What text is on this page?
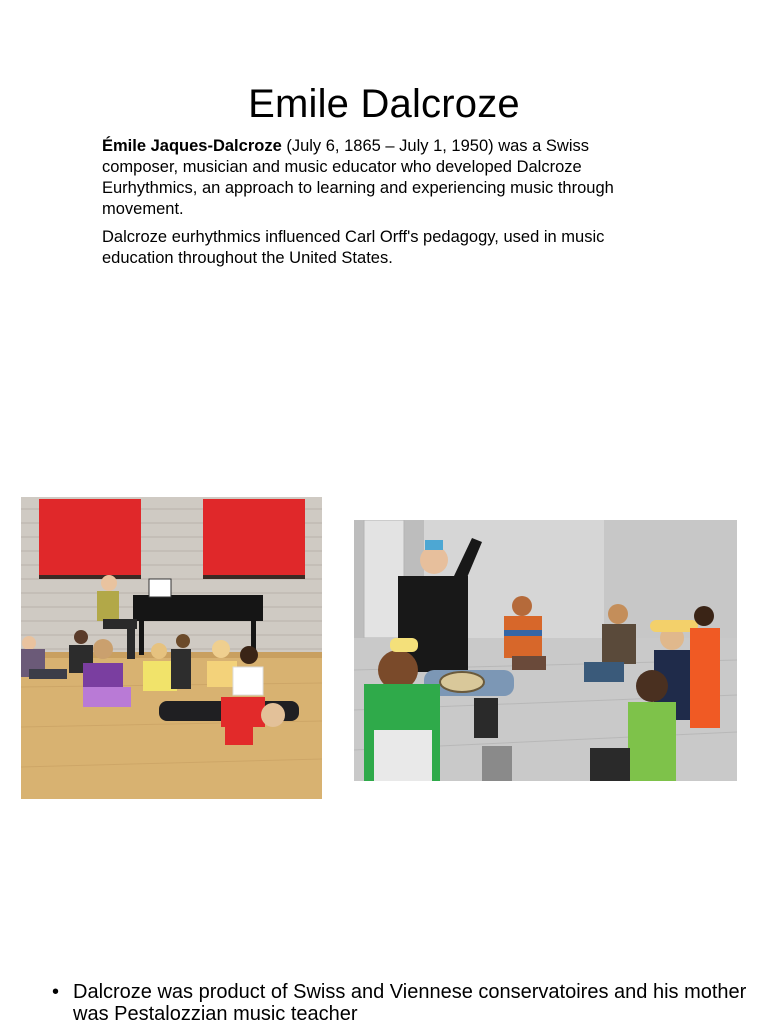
Emile Dalcroze

Émile Jaques-Dalcroze (July 6, 1865 – July 1, 1950) was a Swiss composer, musician and music educator who developed Dalcroze Eurhythmics, an approach to learning and experiencing music through movement.

Dalcroze eurhythmics influenced Carl Orff's pedagogy, used in music education throughout the United States.

• Dalcroze was product of Swiss and Viennese conservatoires and his mother was Pestalozzian music teacher
